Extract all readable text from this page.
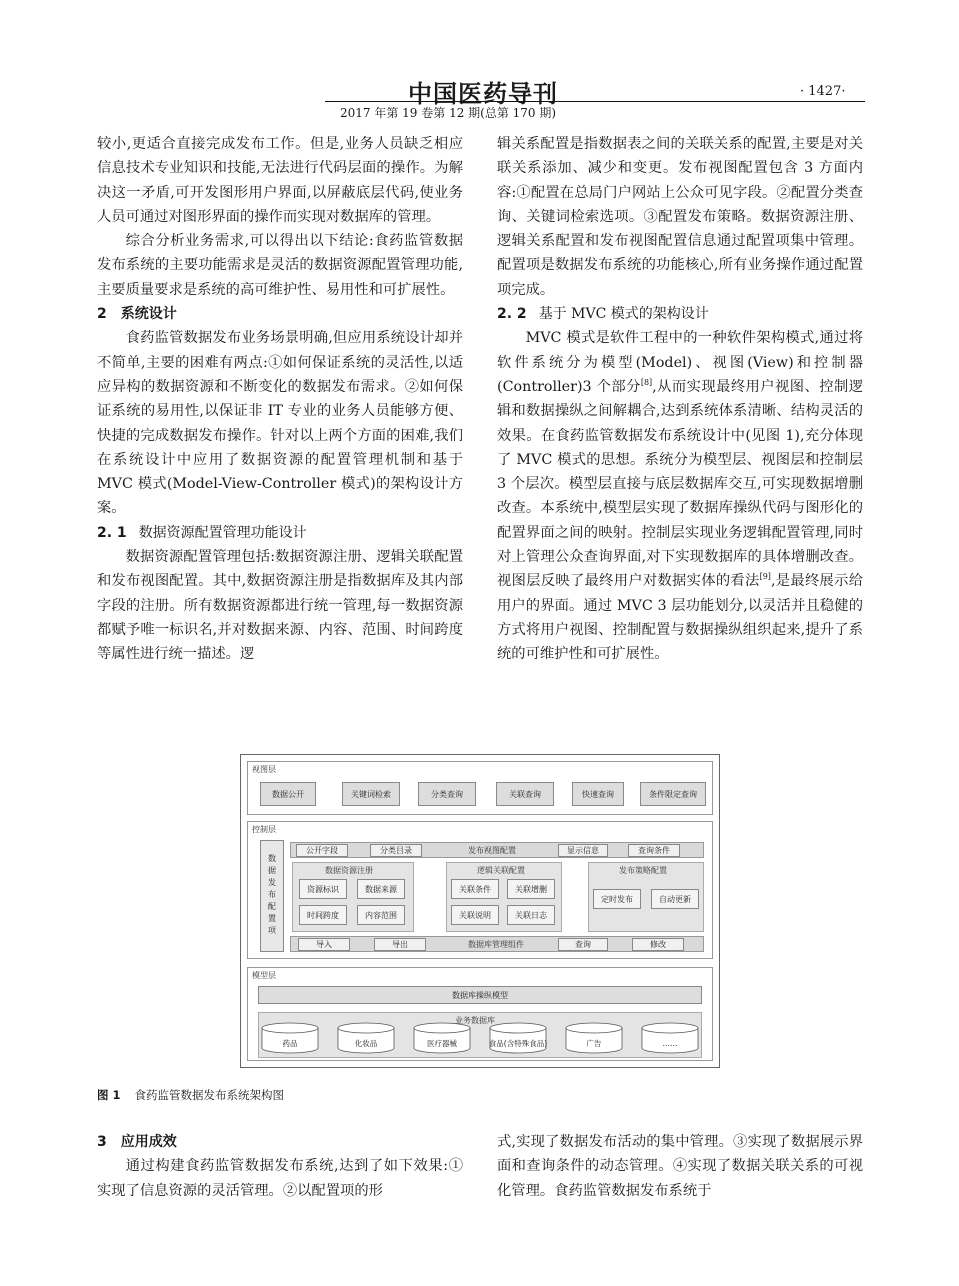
中国医药导刊	· 1427·
2017 年第 19 卷第 12 期(总第 170 期)

较小,更适合直接完成发布工作。但是,业务人员缺乏相应信息技术专业知识和技能,无法进行代码层面的操作。为解决这一矛盾,可开发图形用户界面,以屏蔽底层代码,使业务人员可通过对图形界面的操作而实现对数据库的管理。

综合分析业务需求,可以得出以下结论:食药监管数据发布系统的主要功能需求是灵活的数据资源配置管理功能,主要质量要求是系统的高可维护性、易用性和可扩展性。

2　系统设计

食药监管数据发布业务场景明确,但应用系统设计却并不简单,主要的困难有两点:①如何保证系统的灵活性,以适应异构的数据资源和不断变化的数据发布需求。②如何保证系统的易用性,以保证非 IT 专业的业务人员能够方便、快捷的完成数据发布操作。针对以上两个方面的困难,我们在系统设计中应用了数据资源的配置管理机制和基于 MVC 模式(Model-View-Controller 模式)的架构设计方案。

2. 1 数据资源配置管理功能设计

数据资源配置管理包括:数据资源注册、逻辑关联配置和发布视图配置。其中,数据资源注册是指数据库及其内部字段的注册。所有数据资源都进行统一管理,每一数据资源都赋予唯一标识名,并对数据来源、内容、范围、时间跨度等属性进行统一描述。逻

辑关系配置是指数据表之间的关联关系的配置,主要是对关联关系添加、减少和变更。发布视图配置包含 3 方面内容:①配置在总局门户网站上公众可见字段。②配置分类查询、关键词检索选项。③配置发布策略。数据资源注册、逻辑关系配置和发布视图配置信息通过配置项集中管理。配置项是数据发布系统的功能核心,所有业务操作通过配置项完成。

2. 2 基于 MVC 模式的架构设计

MVC 模式是软件工程中的一种软件架构模式,通过将软件系统分为模型(Model)、视图(View)和控制器(Controller)3 个部分[8],从而实现最终用户视图、控制逻辑和数据操纵之间解耦合,达到系统体系清晰、结构灵活的效果。在食药监管数据发布系统设计中(见图 1),充分体现了 MVC 模式的思想。系统分为模型层、视图层和控制层 3 个层次。模型层直接与底层数据库交互,可实现数据增删改查。本系统中,模型层实现了数据库操纵代码与图形化的配置界面之间的映射。控制层实现业务逻辑配置管理,同时对上管理公众查询界面,对下实现数据库的具体增删改查。视图层反映了最终用户对数据实体的看法[9],是最终展示给用户的界面。通过 MVC 3 层功能划分,以灵活并且稳健的方式将用户视图、控制配置与数据操纵组织起来,提升了系统的可维护性和可扩展性。

视图层
数据公开	关键词检索	分类查询	关联查询	快速查询	条件限定查询
控制层
数据发布配置项
公开字段	分类目录	发布视图配置	显示信息	查询条件
数据资源注册
资源标识	数据来源
时间跨度	内容范围
逻辑关联配置
关联条件	关联增删
关联说明	关联日志
发布策略配置
定时发布	自动更新
导入	导出	数据库管理组件	查询	修改
模型层
数据库操纵模型
业务数据库
药品	化妆品	医疗器械	食品(含特殊食品)	广告	……
图 1 食药监管数据发布系统架构图

3　应用成效

通过构建食药监管数据发布系统,达到了如下效果:①实现了信息资源的灵活管理。②以配置项的形

式,实现了数据发布活动的集中管理。③实现了数据展示界面和查询条件的动态管理。④实现了数据关联关系的可视化管理。食药监管数据发布系统于
